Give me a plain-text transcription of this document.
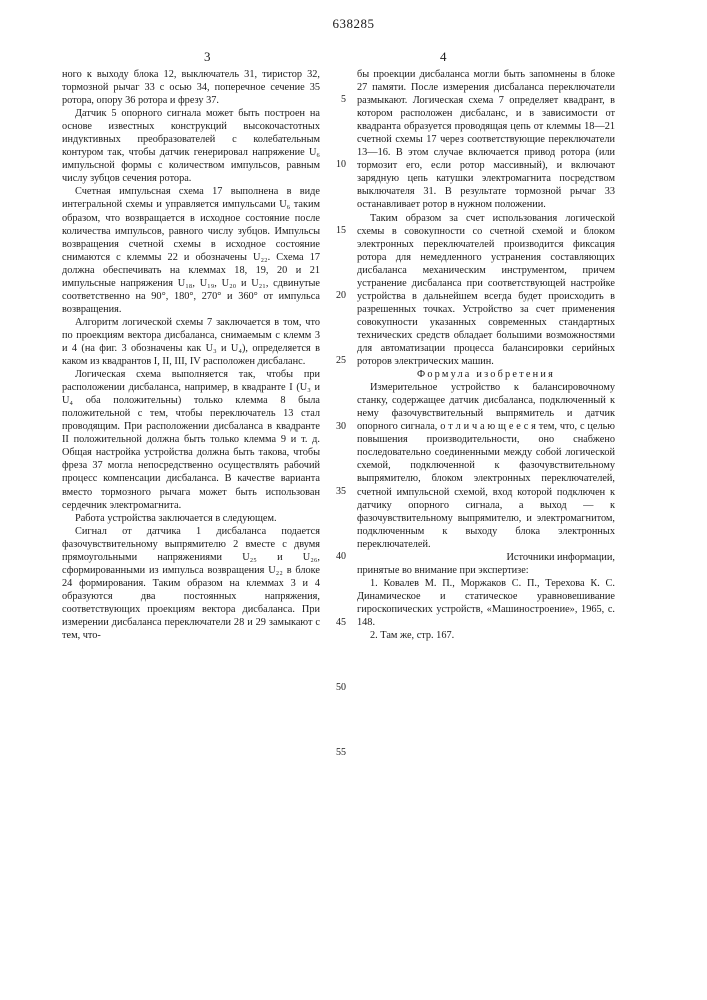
638285
3	4
5
10
15
20
25
30
35
40
45
50
55

ного к выходу блока 12, выключатель 31, тиристор 32, тормозной рычаг 33 с осью 34, поперечное сечение 35 ротора, опору 36 ротора и фрезу 37.

Датчик 5 опорного сигнала может быть построен на основе известных конструкций высокочастотных индуктивных преобразователей с колебательным контуром так, чтобы датчик генерировал напряжение U₆ импульсной формы с количеством импульсов, равным числу зубцов сечения ротора.

Счетная импульсная схема 17 выполнена в виде интегральной схемы и управляется импульсами U₆ таким образом, что возвращается в исходное состояние после количества импульсов, равного числу зубцов. Импульсы возвращения счетной схемы в исходное состояние снимаются с клеммы 22 и обозначены U₂₂. Схема 17 должна обеспечивать на клеммах 18, 19, 20 и 21 импульсные напряжения U₁₈, U₁₉, U₂₀ и U₂₁, сдвинутые соответственно на 90°, 180°, 270° и 360° от импульса возвращения.

Алгоритм логической схемы 7 заключается в том, что по проекциям вектора дисбаланса, снимаемым с клемм 3 и 4 (на фиг. 3 обозначены как U₃ и U₄), определяется в каком из квадрантов I, II, III, IV расположен дисбаланс.

Логическая схема выполняется так, чтобы при расположении дисбаланса, например, в квадранте I (U₃ и U₄ оба положительны) только клемма 8 была положительной с тем, чтобы переключатель 13 стал проводящим. При расположении дисбаланса в квадранте II положительной должна быть только клемма 9 и т. д. Общая настройка устройства должна быть такова, чтобы фреза 37 могла непосредственно осуществлять рабочий процесс компенсации дисбаланса. В качестве варианта вместо тормозного рычага может быть использован сердечник электромагнита.

Работа устройства заключается в следующем.

Сигнал от датчика 1 дисбаланса подается фазочувствительному выпрямителю 2 вместе с двумя прямоугольными напряжениями U₂₅ и U₂₆, сформированными из импульса возвращения U₂₂ в блоке 24 формирования. Таким образом на клеммах 3 и 4 образуются два постоянных напряжения, соответствующих проекциям вектора дисбаланса. При измерении дисбаланса переключатели 28 и 29 замыкают с тем, что-

бы проекции дисбаланса могли быть запомнены в блоке 27 памяти. После измерения дисбаланса переключатели размыкают. Логическая схема 7 определяет квадрант, в котором расположен дисбаланс, и в зависимости от квадранта образуется проводящая цепь от клеммы 18—21 счетной схемы 17 через соответствующие переключатели 13—16. В этом случае включается привод ротора (или тормозит его, если ротор массивный), и включают зарядную цепь катушки электромагнита посредством выключателя 31. В результате тормозной рычаг 33 останавливает ротор в нужном положении.

Таким образом за счет использования логической схемы в совокупности со счетной схемой и блоком электронных переключателей производится фиксация ротора для немедленного устранения составляющих дисбаланса механическим инструментом, причем устранение дисбаланса при соответствующей настройке устройства в дальнейшем всегда будет происходить в разрешенных точках. Устройство за счет применения совокупности указанных современных стандартных технических средств обладает большими возможностями для автоматизации процесса балансировки серийных роторов электрических машин.

Формула изобретения

Измерительное устройство к балансировочному станку, содержащее датчик дисбаланса, подключенный к нему фазочувствительный выпрямитель и датчик опорного сигнала, о т л и ч а ю щ е е с я тем, что, с целью повышения производительности, оно снабжено последовательно соединенными между собой логической схемой, подключенной к фазочувствительному выпрямителю, блоком электронных переключателей, счетной импульсной схемой, вход которой подключен к датчику опорного сигнала, а выход — к фазочувствительному выпрямителю, и электромагнитом, подключенным к выходу блока электронных переключателей.

Источники информации,

принятые во внимание при экспертизе:

1. Ковалев М. П., Моржаков С. П., Терехова К. С. Динамическое и статическое уравновешивание гироскопических устройств, «Машиностроение», 1965, с. 148.

2. Там же, стр. 167.
